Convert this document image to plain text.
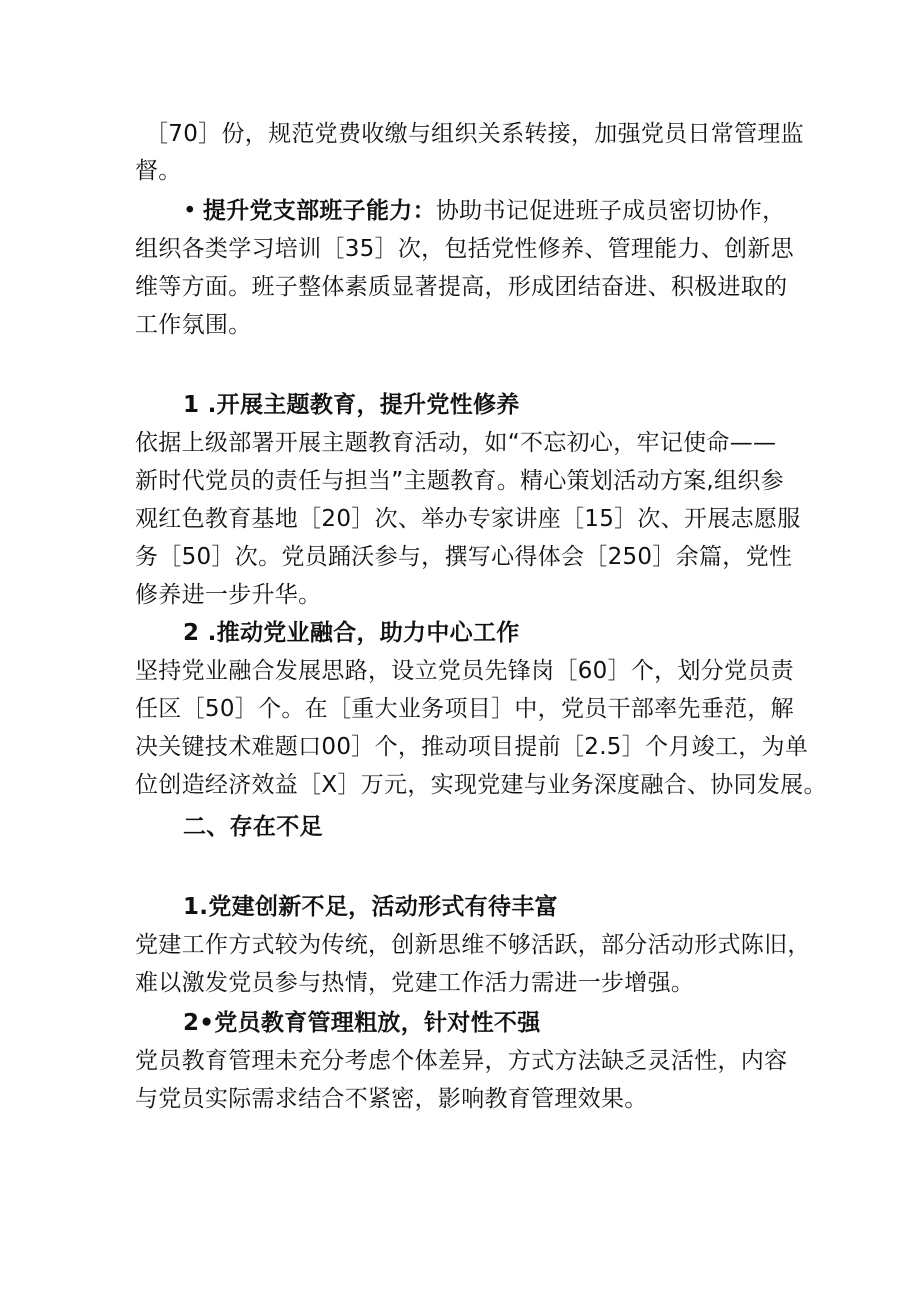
［70］份，规范党费收缴与组织关系转接，加强党员日常管理监
督。
• 提升党支部班子能力：协助书记促进班子成员密切协作，
组织各类学习培训［35］次，包括党性修养、管理能力、创新思
维等方面。班子整体素质显著提高，形成团结奋进、积极进取的
工作氛围。
1 .开展主题教育，提升党性修养
依据上级部署开展主题教育活动，如“不忘初心，牢记使命——
新时代党员的责任与担当”主题教育。精心策划活动方案,组织参
观红色教育基地［20］次、举办专家讲座［15］次、开展志愿服
务［50］次。党员踊沃参与，撰写心得体会［250］余篇，党性
修养进一步升华。
2 .推动党业融合，助力中心工作
坚持党业融合发展思路，设立党员先锋岗［60］个，划分党员责
任区［50］个。在［重大业务项目］中，党员干部率先垂范，解
决关键技术难题口00］个，推动项目提前［2.5］个月竣工，为单
位创造经济效益［X］万元，实现党建与业务深度融合、协同发展。
二、存在不足
1.党建创新不足，活动形式有待丰富
党建工作方式较为传统，创新思维不够活跃，部分活动形式陈旧，
难以激发党员参与热情，党建工作活力需进一步增强。
2•党员教育管理粗放，针对性不强
党员教育管理未充分考虑个体差异，方式方法缺乏灵活性，内容
与党员实际需求结合不紧密，影响教育管理效果。
